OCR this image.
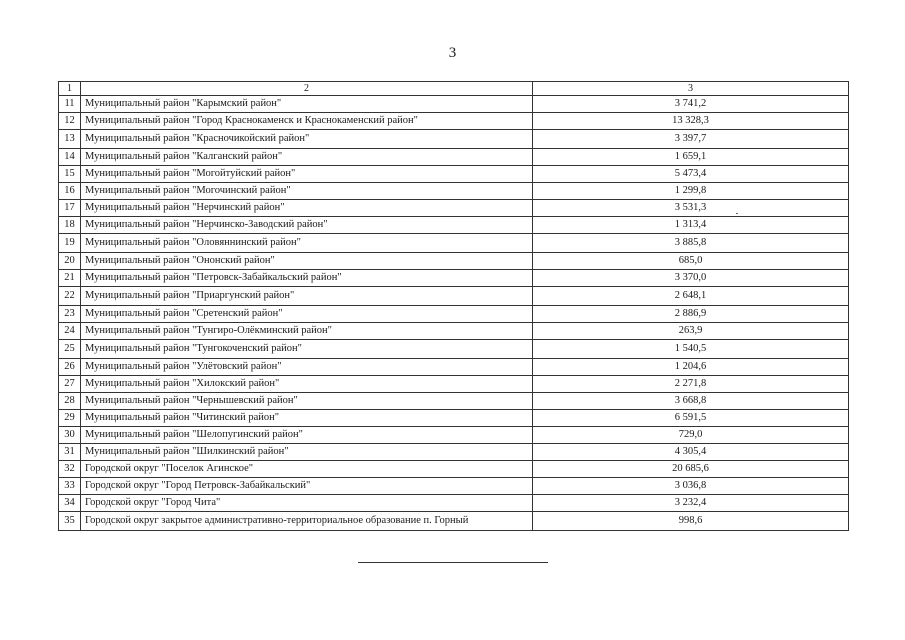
3
1	2	3
11	Муниципальный район "Карымский район"	3 741,2
12	Муниципальный район "Город Краснокаменск и Краснокаменский район"	13 328,3
13	Муниципальный район "Красночикойский район"	3 397,7
14	Муниципальный район "Калганский район"	1 659,1
15	Муниципальный район "Могойтуйский район"	5 473,4
16	Муниципальный район "Могочинский район"	1 299,8
17	Муниципальный район "Нерчинский район"	3 531,3
18	Муниципальный район "Нерчинско-Заводский район"	1 313,4
19	Муниципальный район "Оловяннинский район"	3 885,8
20	Муниципальный район "Ононский район"	685,0
21	Муниципальный район "Петровск-Забайкальский район"	3 370,0
22	Муниципальный район "Приаргунский район"	2 648,1
23	Муниципальный район "Сретенский район"	2 886,9
24	Муниципальный район "Тунгиро-Олёкминский район"	263,9
25	Муниципальный район "Тунгокоченский район"	1 540,5
26	Муниципальный район "Улётовский район"	1 204,6
27	Муниципальный район "Хилокский район"	2 271,8
28	Муниципальный район "Чернышевский район"	3 668,8
29	Муниципальный район "Читинский район"	6 591,5
30	Муниципальный район "Шелопугинский район"	729,0
31	Муниципальный район "Шилкинский район"	4 305,4
32	Городской округ "Поселок Агинское"	20 685,6
33	Городской округ "Город Петровск-Забайкальский"	3 036,8
34	Городской округ "Город Чита"	3 232,4
35	Городской округ закрытое административно-территориальное образование п. Горный	998,6
